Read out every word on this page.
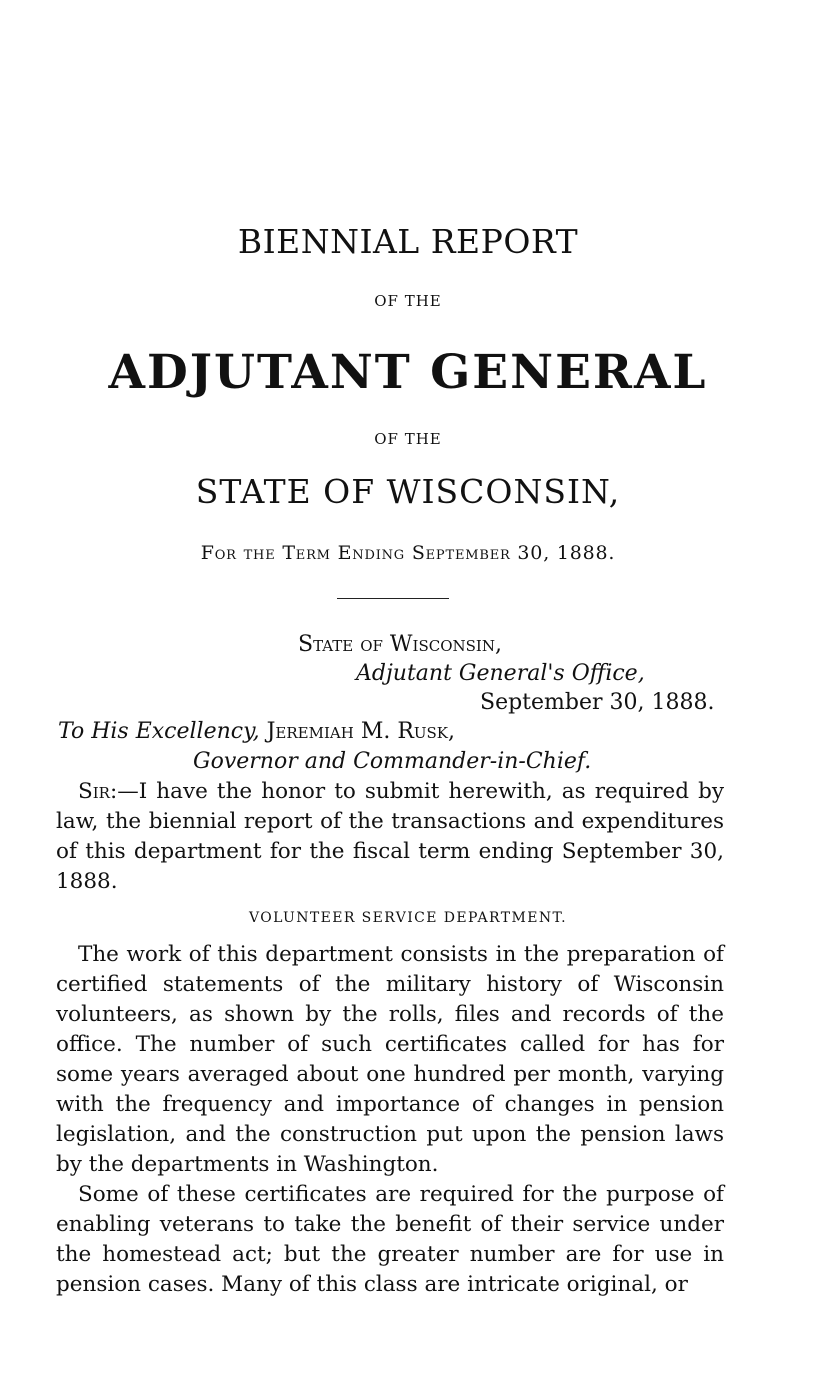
BIENNIAL REPORT
OF THE
ADJUTANT GENERAL
OF THE
STATE OF WISCONSIN,
For the Term Ending September 30, 1888.
State of Wisconsin,
Adjutant General's Office,
September 30, 1888.
To His Excellency, Jeremiah M. Rusk,
Governor and Commander-in-Chief.

Sir:—I have the honor to submit herewith, as required by law, the biennial report of the transactions and expenditures of this department for the fiscal term ending September 30, 1888.

VOLUNTEER SERVICE DEPARTMENT.

The work of this department consists in the preparation of certified statements of the military history of Wisconsin volunteers, as shown by the rolls, files and records of the office. The number of such certificates called for has for some years averaged about one hundred per month, varying with the frequency and importance of changes in pension legislation, and the construction put upon the pension laws by the departments in Washington.

Some of these certificates are required for the purpose of enabling veterans to take the benefit of their service under the homestead act; but the greater number are for use in pension cases. Many of this class are intricate original, or
